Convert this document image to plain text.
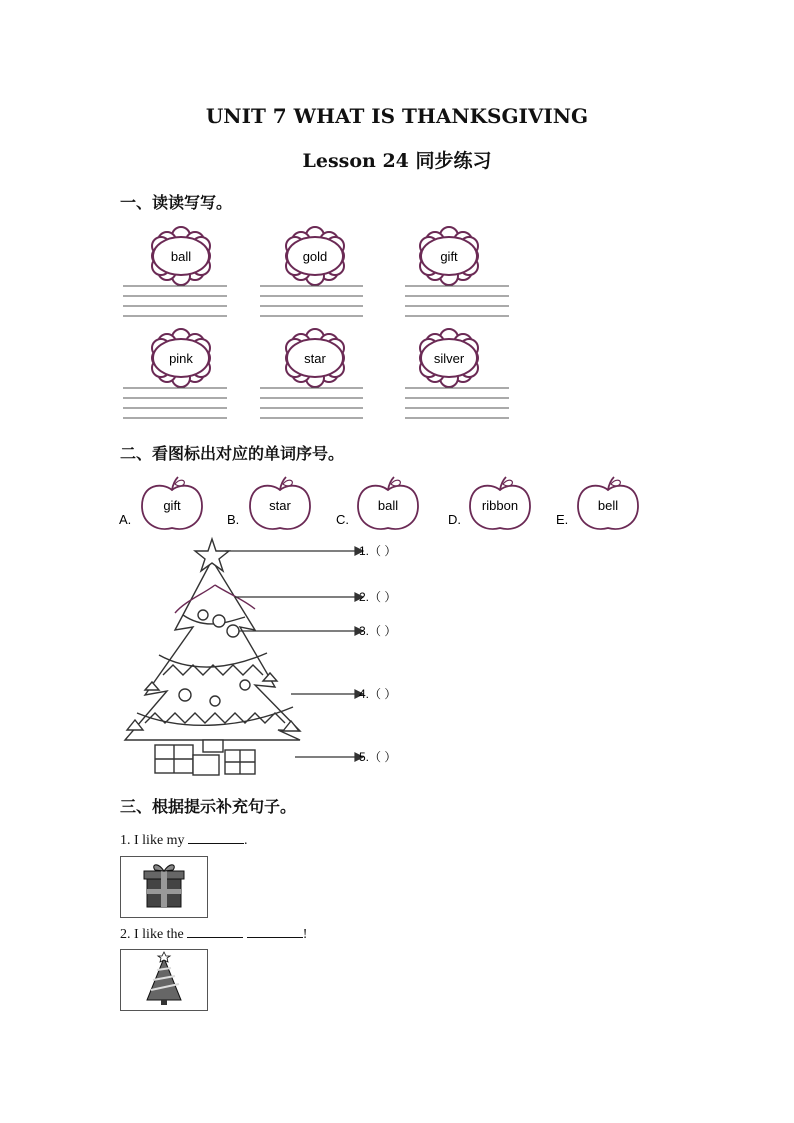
UNIT 7 WHAT IS THANKSGIVING
Lesson 24 同步练习
一、读读写写。
ball	gold	gift
pink	star	silver
二、看图标出对应的单词序号。
A.
gift
B.
star
C.
ball
D.
ribbon
E.
bell
1.（ ）
2.（ ）
3.（ ）
4.（ ）
5.（ ）
三、根据提示补充句子。
1. I like my	.
2. I like the	!
